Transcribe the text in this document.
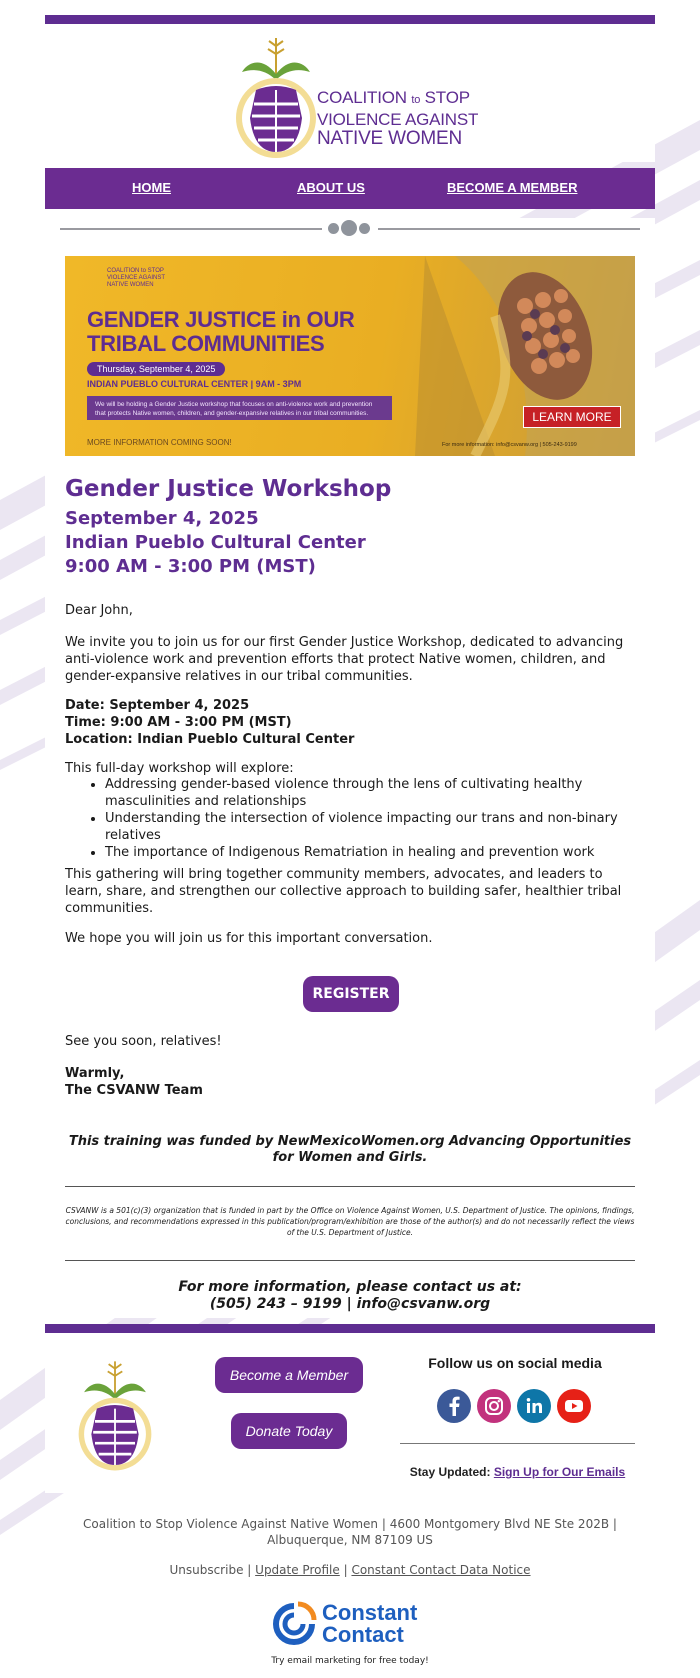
COALITION to STOP
VIOLENCE AGAINST
NATIVE WOMEN
HOME	ABOUT US	BECOME A MEMBER
COALITION to STOP
VIOLENCE AGAINST
NATIVE WOMEN
GENDER JUSTICE in OUR
TRIBAL COMMUNITIES
Thursday, September 4, 2025
INDIAN PUEBLO CULTURAL CENTER | 9AM - 3PM
We will be holding a Gender Justice workshop that focuses on anti-violence work and prevention that protects Native women, children, and gender-expansive relatives in our tribal communities.
MORE INFORMATION COMING SOON!	For more information: info@csvanw.org | 505-243-9199
LEARN MORE
Gender Justice Workshop
September 4, 2025
Indian Pueblo Cultural Center
9:00 AM - 3:00 PM (MST)
Dear John,
We invite you to join us for our first Gender Justice Workshop, dedicated to advancing anti-violence work and prevention efforts that protect Native women, children, and gender-expansive relatives in our tribal communities.
Date: September 4, 2025
Time: 9:00 AM - 3:00 PM (MST)
Location: Indian Pueblo Cultural Center
This full-day workshop will explore:
• Addressing gender-based violence through the lens of cultivating healthy masculinities and relationships
• Understanding the intersection of violence impacting our trans and non-binary relatives
• The importance of Indigenous Rematriation in healing and prevention work
This gathering will bring together community members, advocates, and leaders to learn, share, and strengthen our collective approach to building safer, healthier tribal communities.
We hope you will join us for this important conversation.
REGISTER
See you soon, relatives!
Warmly,
The CSVANW Team
This training was funded by NewMexicoWomen.org Advancing Opportunities for Women and Girls.
CSVANW is a 501(c)(3) organization that is funded in part by the Office on Violence Against Women, U.S. Department of Justice. The opinions, findings, conclusions, and recommendations expressed in this publication/program/exhibition are those of the author(s) and do not necessarily reflect the views of the U.S. Department of Justice.
For more information, please contact us at:
(505) 243 – 9199 | info@csvanw.org
Become a Member
Donate Today
Follow us on social media
Stay Updated: Sign Up for Our Emails
Coalition to Stop Violence Against Native Women | 4600 Montgomery Blvd NE Ste 202B |
Albuquerque, NM 87109 US
Unsubscribe | Update Profile | Constant Contact Data Notice
Constant
Contact
Try email marketing for free today!
